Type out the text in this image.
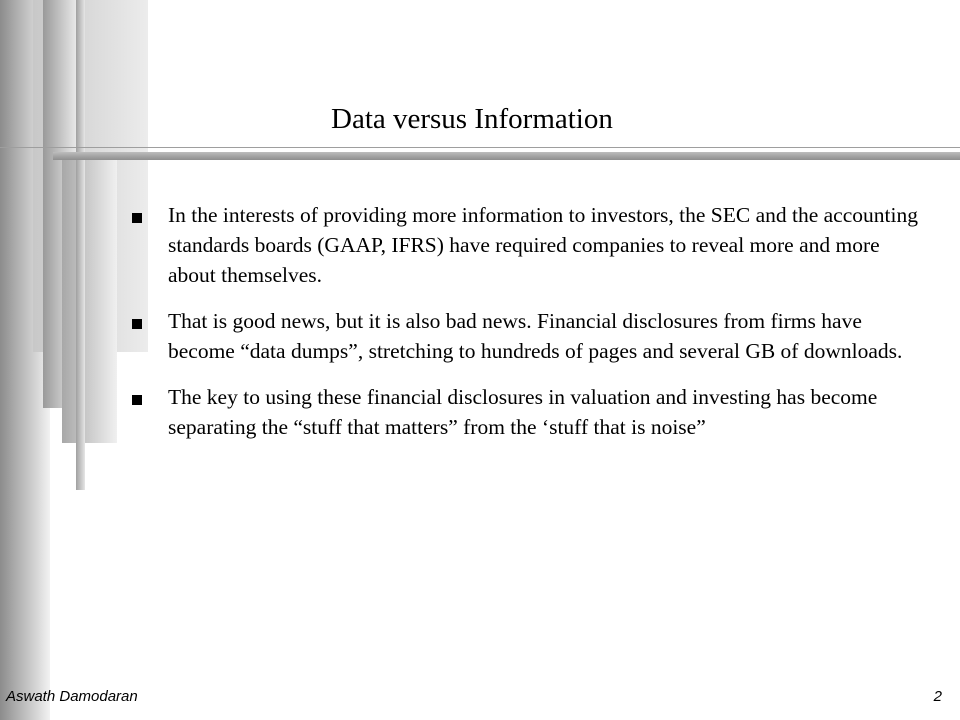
Data versus Information
In the interests of providing more information to investors, the SEC and the accounting standards boards (GAAP, IFRS) have required companies to reveal more and more about themselves.
That is good news, but it is also bad news. Financial disclosures from firms have become “data dumps”, stretching to hundreds of pages and several GB of downloads.
The key to using these financial disclosures in valuation and investing has become separating the “stuff that matters” from the ‘stuff that is noise”
Aswath Damodaran	2
